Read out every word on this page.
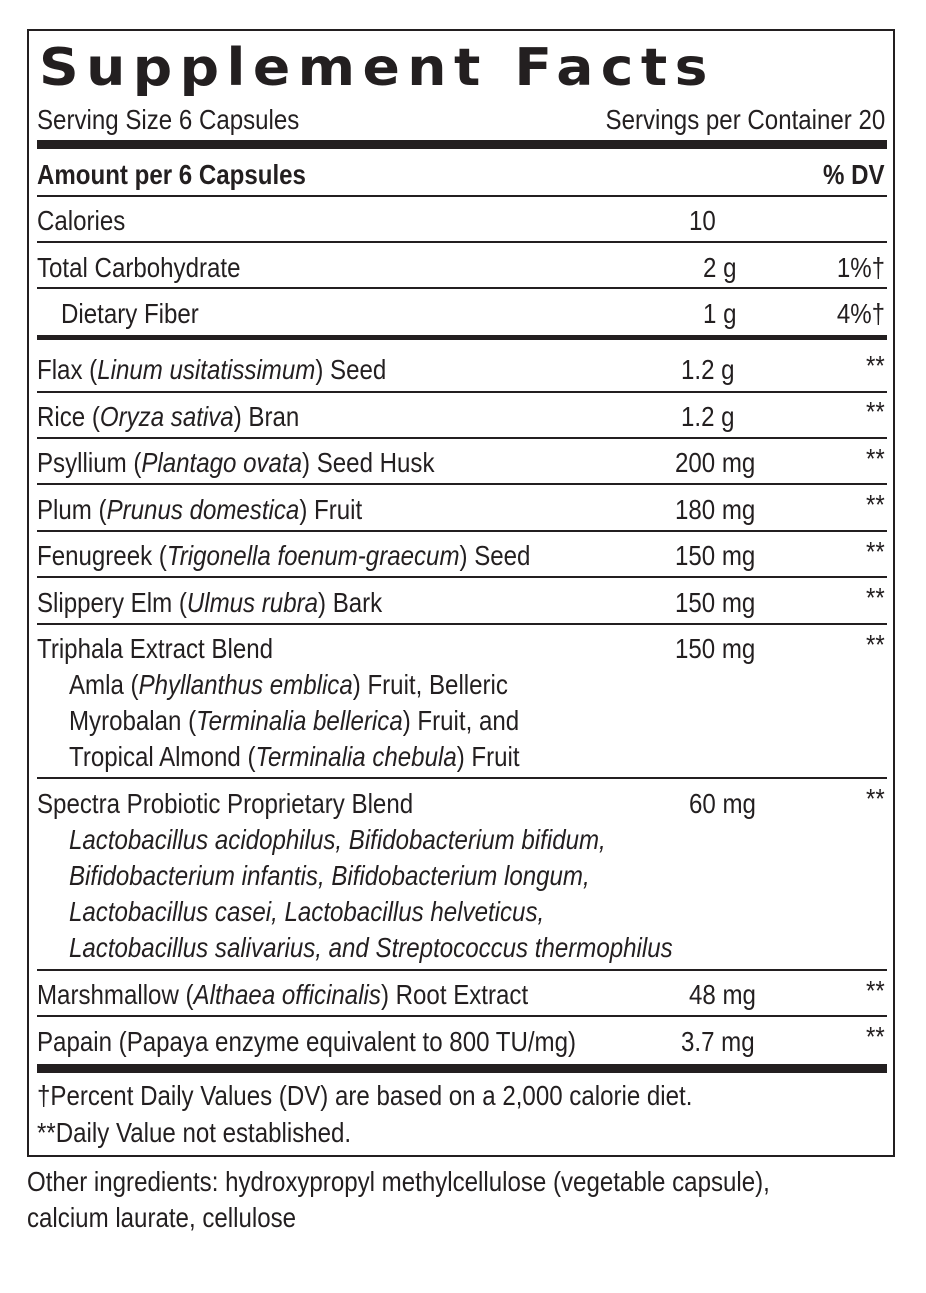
Supplement Facts
Serving Size 6 Capsules	Servings per Container 20
Amount per 6 Capsules	% DV
Calories	10
Total Carbohydrate	2 g	1%†
Dietary Fiber	1 g	4%†
Flax (Linum usitatissimum) Seed	1.2 g	**
Rice (Oryza sativa) Bran	1.2 g	**
Psyllium (Plantago ovata) Seed Husk	200 mg	**
Plum (Prunus domestica) Fruit	180 mg	**
Fenugreek (Trigonella foenum-graecum) Seed	150 mg	**
Slippery Elm (Ulmus rubra) Bark	150 mg	**
Triphala Extract Blend	150 mg	**
Amla (Phyllanthus emblica) Fruit, Belleric
Myrobalan (Terminalia bellerica) Fruit, and
Tropical Almond (Terminalia chebula) Fruit
Spectra Probiotic Proprietary Blend	60 mg	**
Lactobacillus acidophilus, Bifidobacterium bifidum,
Bifidobacterium infantis, Bifidobacterium longum,
Lactobacillus casei, Lactobacillus helveticus,
Lactobacillus salivarius, and Streptococcus thermophilus
Marshmallow (Althaea officinalis) Root Extract	48 mg	**
Papain (Papaya enzyme equivalent to 800 TU/mg)	3.7 mg	**
†Percent Daily Values (DV) are based on a 2,000 calorie diet.
**Daily Value not established.
Other ingredients: hydroxypropyl methylcellulose (vegetable capsule),
calcium laurate, cellulose
